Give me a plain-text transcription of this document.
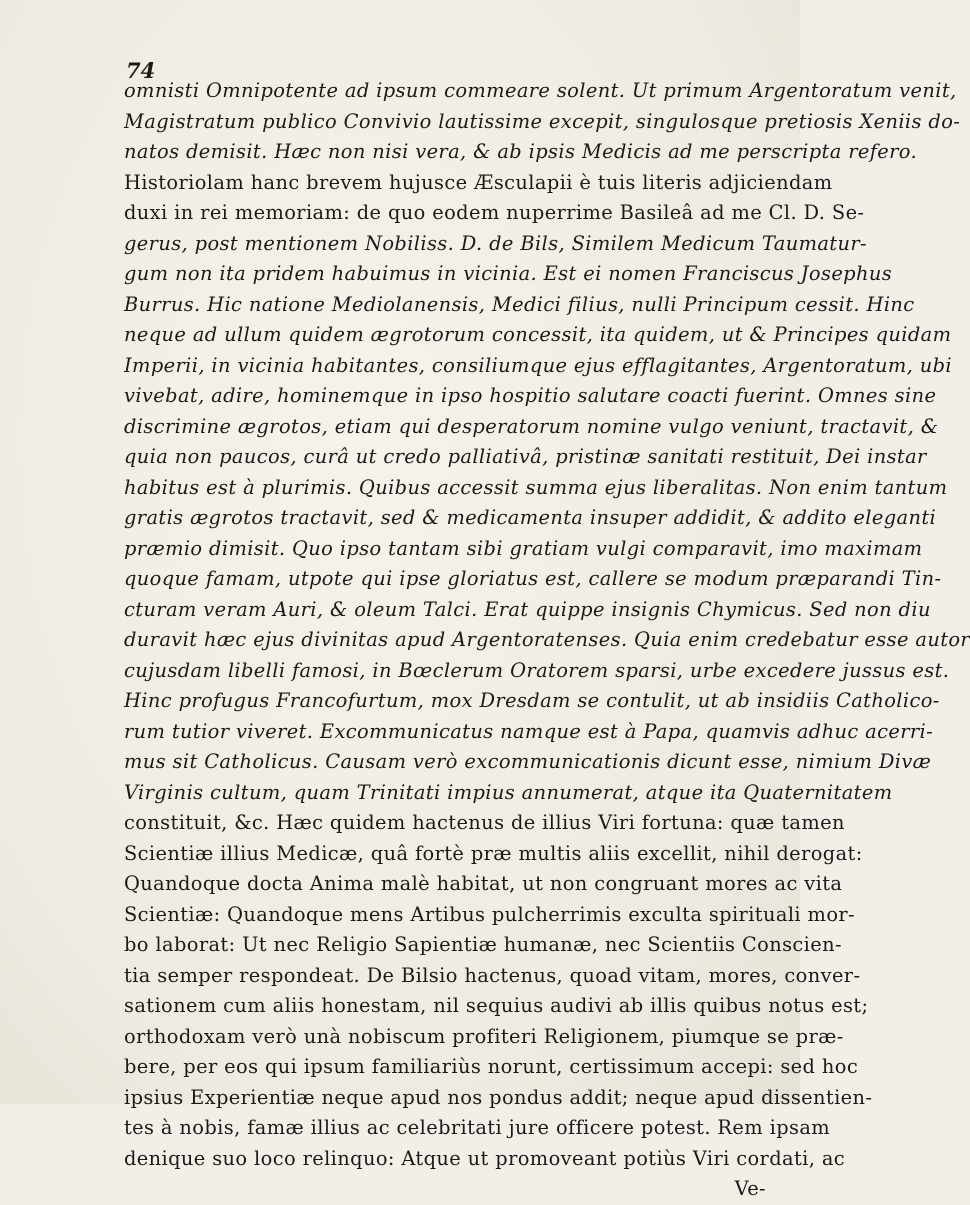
74
omnisti Omnipotente ad ipsum commeare solent. Ut primum Argentoratum venit,
Magistratum publico Convivio lautissime excepit, singulosque pretiosis Xeniis do-
natos demisit. Hæc non nisi vera, & ab ipsis Medicis ad me perscripta refero.
Historiolam hanc brevem hujusce Æsculapii è tuis literis adjiciendam
duxi in rei memoriam: de quo eodem nuperrime Basileâ ad me Cl. D. Se-
gerus, post mentionem Nobiliss. D. de Bils, Similem Medicum Taumatur-
gum non ita pridem habuimus in vicinia. Est ei nomen Franciscus Josephus
Burrus. Hic natione Mediolanensis, Medici filius, nulli Principum cessit. Hinc
neque ad ullum quidem ægrotorum concessit, ita quidem, ut & Principes quidam
Imperii, in vicinia habitantes, consiliumque ejus efflagitantes, Argentoratum, ubi
vivebat, adire, hominemque in ipso hospitio salutare coacti fuerint. Omnes sine
discrimine ægrotos, etiam qui desperatorum nomine vulgo veniunt, tractavit, &
quia non paucos, curâ ut credo palliativâ, pristinæ sanitati restituit, Dei instar
habitus est à plurimis. Quibus accessit summa ejus liberalitas. Non enim tantum
gratis ægrotos tractavit, sed & medicamenta insuper addidit, & addito eleganti
præmio dimisit. Quo ipso tantam sibi gratiam vulgi comparavit, imo maximam
quoque famam, utpote qui ipse gloriatus est, callere se modum præparandi Tin-
cturam veram Auri, & oleum Talci. Erat quippe insignis Chymicus. Sed non diu
duravit hæc ejus divinitas apud Argentoratenses. Quia enim credebatur esse autor
cujusdam libelli famosi, in Bœclerum Oratorem sparsi, urbe excedere jussus est.
Hinc profugus Francofurtum, mox Dresdam se contulit, ut ab insidiis Catholico-
rum tutior viveret. Excommunicatus namque est à Papa, quamvis adhuc acerri-
mus sit Catholicus. Causam verò excommunicationis dicunt esse, nimium Divæ
Virginis cultum, quam Trinitati impius annumerat, atque ita Quaternitatem
constituit, &c. Hæc quidem hactenus de illius Viri fortuna: quæ tamen
Scientiæ illius Medicæ, quâ fortè præ multis aliis excellit, nihil derogat:
Quandoque docta Anima malè habitat, ut non congruant mores ac vita
Scientiæ: Quandoque mens Artibus pulcherrimis exculta spirituali mor-
bo laborat: Ut nec Religio Sapientiæ humanæ, nec Scientiis Conscien-
tia semper respondeat. De Bilsio hactenus, quoad vitam, mores, conver-
sationem cum aliis honestam, nil sequius audivi ab illis quibus notus est;
orthodoxam verò unà nobiscum profiteri Religionem, piumque se præ-
bere, per eos qui ipsum familiariùs norunt, certissimum accepi: sed hoc
ipsius Experientiæ neque apud nos pondus addit; neque apud dissentien-
tes à nobis, famæ illius ac celebritati jure officere potest. Rem ipsam
denique suo loco relinquo: Atque ut promoveant potiùs Viri cordati, ac
Ve-
